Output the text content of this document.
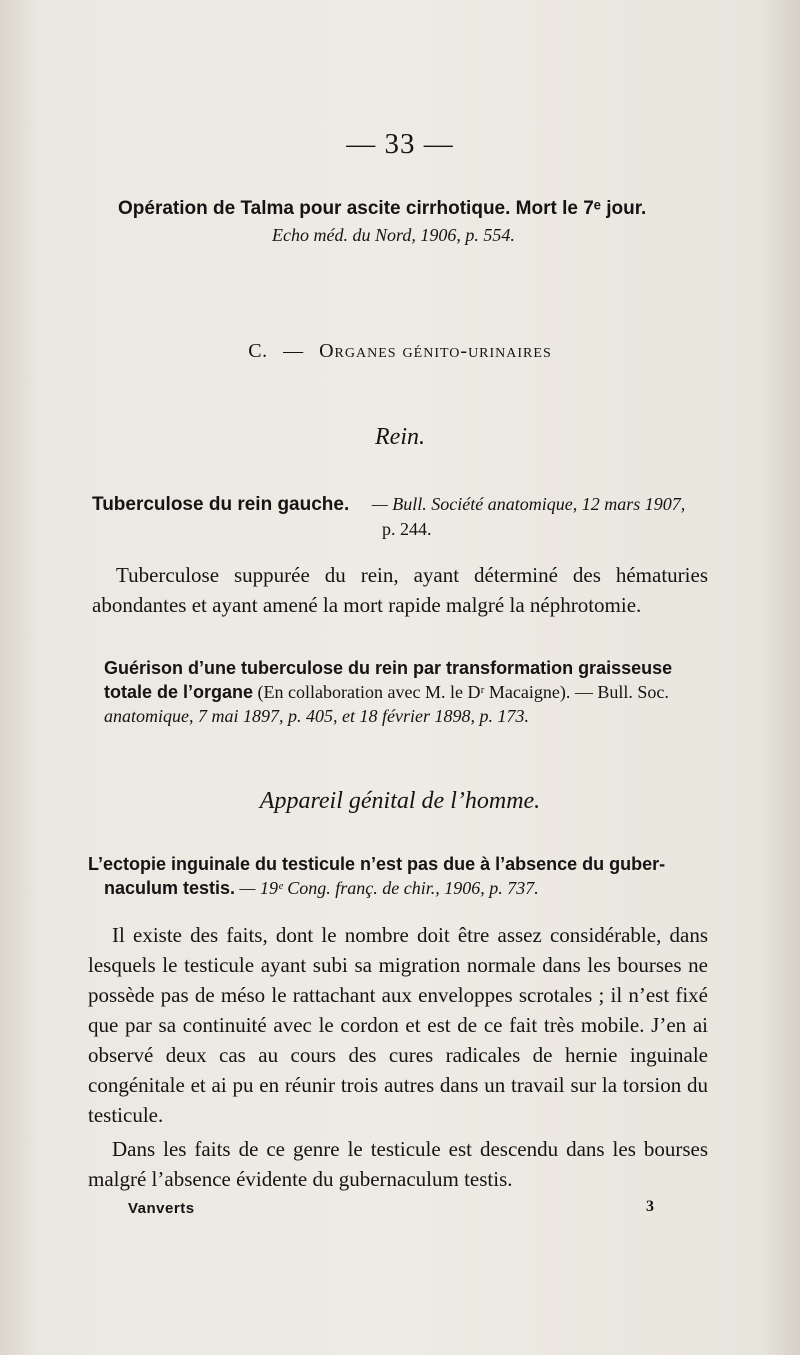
— 33 —
Opération de Talma pour ascite cirrhotique. Mort le 7ᵉ jour.
Echo méd. du Nord, 1906, p. 554.
C. — Organes génito-urinaires
Rein.
Tuberculose du rein gauche. — Bull. Société anatomique, 12 mars 1907,
p. 244.

Tuberculose suppurée du rein, ayant déterminé des hématuries abondantes et ayant amené la mort rapide malgré la néphrotomie.

Guérison d’une tuberculose du rein par transformation graisseuse
totale de l’organe (En collaboration avec M. le Dʳ Macaigne). — Bull. Soc.
anatomique, 7 mai 1897, p. 405, et 18 février 1898, p. 173.
Appareil génital de l’homme.
L’ectopie inguinale du testicule n’est pas due à l’absence du guber-
naculum testis. — 19ᵉ Cong. franç. de chir., 1906, p. 737.

Il existe des faits, dont le nombre doit être assez considérable, dans lesquels le testicule ayant subi sa migration normale dans les bourses ne possède pas de méso le rattachant aux enveloppes scrotales ; il n’est fixé que par sa continuité avec le cordon et est de ce fait très mobile. J’en ai observé deux cas au cours des cures radicales de hernie inguinale congénitale et ai pu en réunir trois autres dans un travail sur la torsion du testicule.

Dans les faits de ce genre le testicule est descendu dans les bourses malgré l’absence évidente du gubernaculum testis.

Vanverts	3
